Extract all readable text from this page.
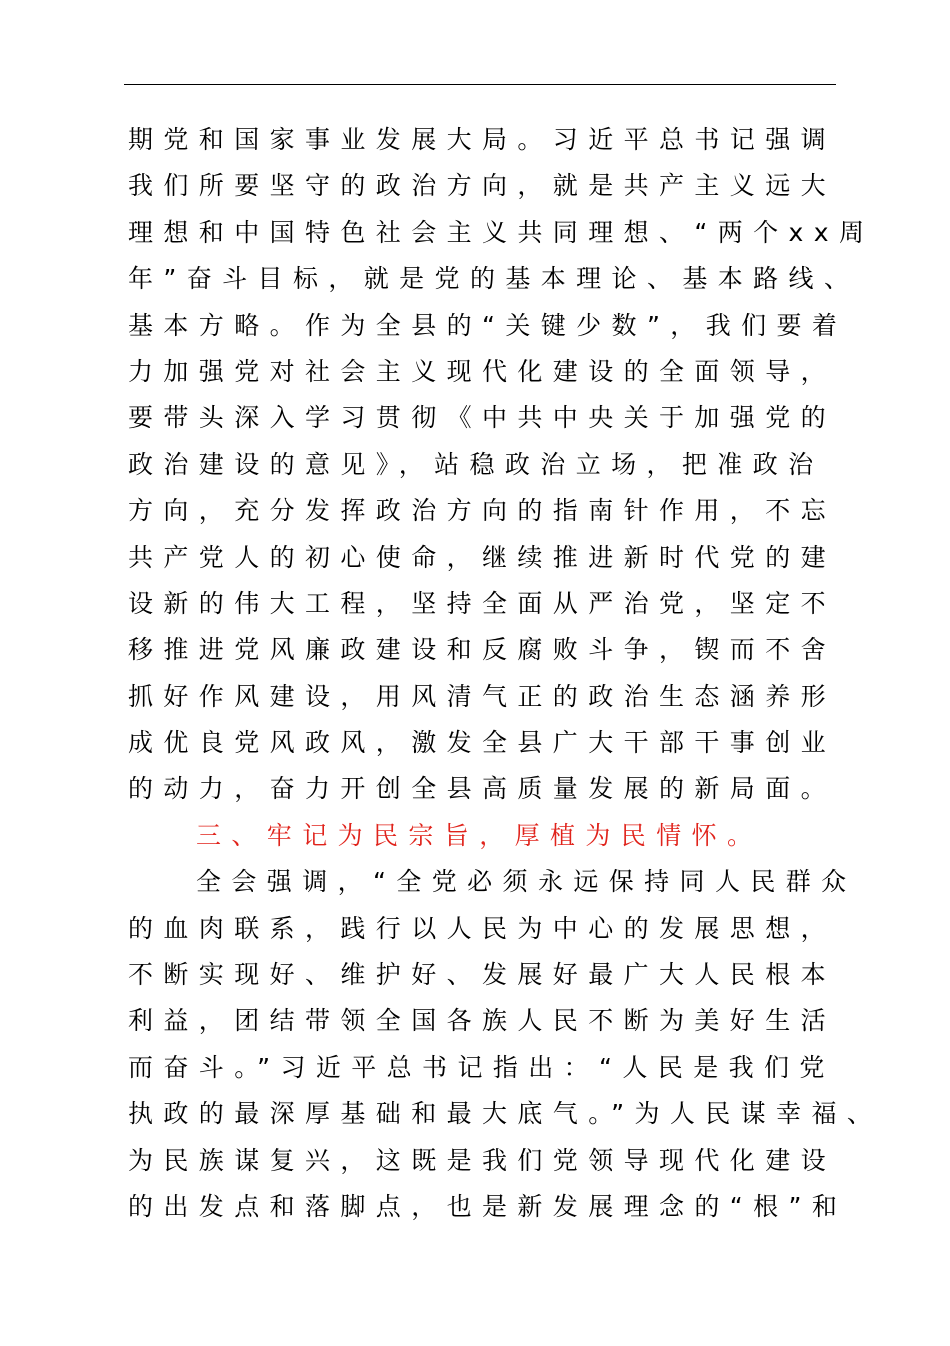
期党和国家事业发展大局。习近平总书记强调
我们所要坚守的政治方向，就是共产主义远大
理想和中国特色社会主义共同理想、“两个xx周
年”奋斗目标，就是党的基本理论、基本路线、
基本方略。作为全县的“关键少数”，我们要着
力加强党对社会主义现代化建设的全面领导，
要带头深入学习贯彻《中共中央关于加强党的
政治建设的意见》，站稳政治立场，把准政治
方向，充分发挥政治方向的指南针作用，不忘
共产党人的初心使命，继续推进新时代党的建
设新的伟大工程，坚持全面从严治党，坚定不
移推进党风廉政建设和反腐败斗争，锲而不舍
抓好作风建设，用风清气正的政治生态涵养形
成优良党风政风，激发全县广大干部干事创业
的动力，奋力开创全县高质量发展的新局面。
三、牢记为民宗旨，厚植为民情怀。
全会强调，“全党必须永远保持同人民群众
的血肉联系，践行以人民为中心的发展思想，
不断实现好、维护好、发展好最广大人民根本
利益，团结带领全国各族人民不断为美好生活
而奋斗。”习近平总书记指出：“人民是我们党
执政的最深厚基础和最大底气。”为人民谋幸福、
为民族谋复兴，这既是我们党领导现代化建设
的出发点和落脚点，也是新发展理念的“根”和
